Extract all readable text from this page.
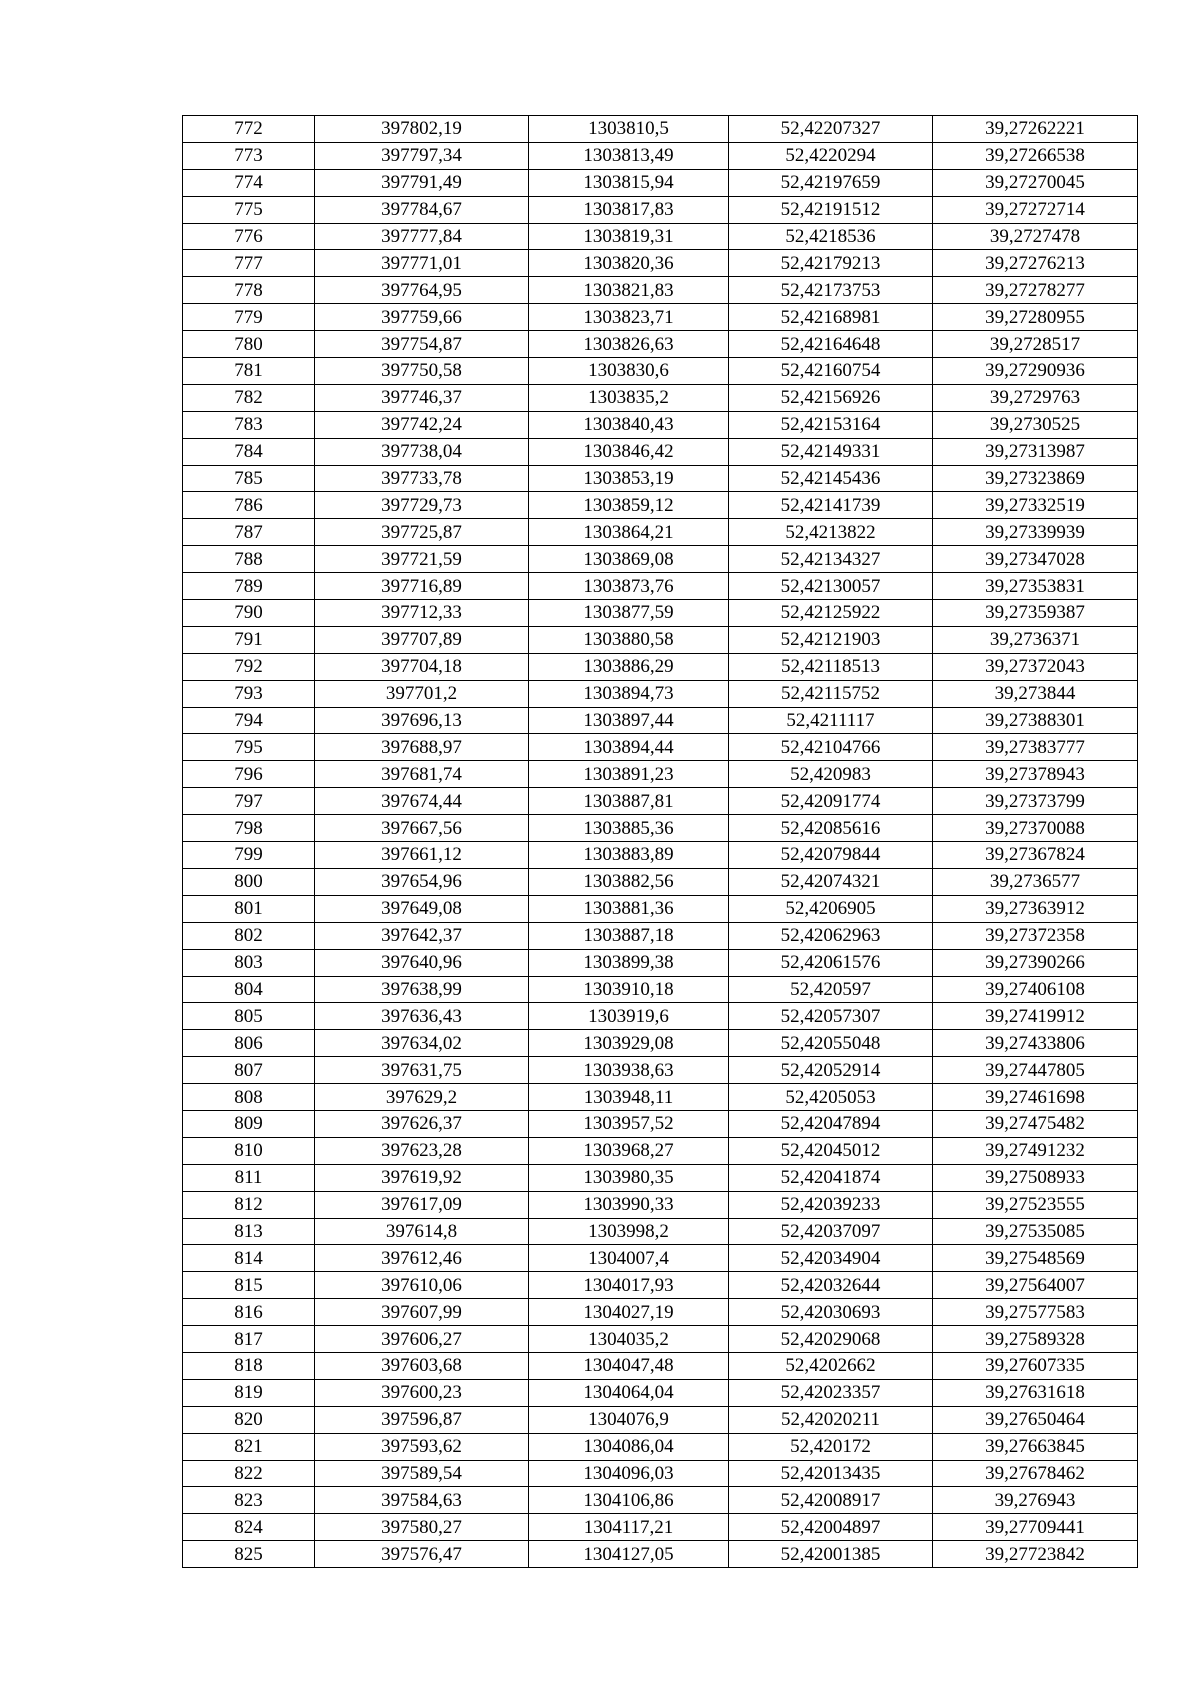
772	397802,19	1303810,5	52,42207327	39,27262221
773	397797,34	1303813,49	52,4220294	39,27266538
774	397791,49	1303815,94	52,42197659	39,27270045
775	397784,67	1303817,83	52,42191512	39,27272714
776	397777,84	1303819,31	52,4218536	39,2727478
777	397771,01	1303820,36	52,42179213	39,27276213
778	397764,95	1303821,83	52,42173753	39,27278277
779	397759,66	1303823,71	52,42168981	39,27280955
780	397754,87	1303826,63	52,42164648	39,2728517
781	397750,58	1303830,6	52,42160754	39,27290936
782	397746,37	1303835,2	52,42156926	39,2729763
783	397742,24	1303840,43	52,42153164	39,2730525
784	397738,04	1303846,42	52,42149331	39,27313987
785	397733,78	1303853,19	52,42145436	39,27323869
786	397729,73	1303859,12	52,42141739	39,27332519
787	397725,87	1303864,21	52,4213822	39,27339939
788	397721,59	1303869,08	52,42134327	39,27347028
789	397716,89	1303873,76	52,42130057	39,27353831
790	397712,33	1303877,59	52,42125922	39,27359387
791	397707,89	1303880,58	52,42121903	39,2736371
792	397704,18	1303886,29	52,42118513	39,27372043
793	397701,2	1303894,73	52,42115752	39,273844
794	397696,13	1303897,44	52,4211117	39,27388301
795	397688,97	1303894,44	52,42104766	39,27383777
796	397681,74	1303891,23	52,420983	39,27378943
797	397674,44	1303887,81	52,42091774	39,27373799
798	397667,56	1303885,36	52,42085616	39,27370088
799	397661,12	1303883,89	52,42079844	39,27367824
800	397654,96	1303882,56	52,42074321	39,2736577
801	397649,08	1303881,36	52,4206905	39,27363912
802	397642,37	1303887,18	52,42062963	39,27372358
803	397640,96	1303899,38	52,42061576	39,27390266
804	397638,99	1303910,18	52,420597	39,27406108
805	397636,43	1303919,6	52,42057307	39,27419912
806	397634,02	1303929,08	52,42055048	39,27433806
807	397631,75	1303938,63	52,42052914	39,27447805
808	397629,2	1303948,11	52,4205053	39,27461698
809	397626,37	1303957,52	52,42047894	39,27475482
810	397623,28	1303968,27	52,42045012	39,27491232
811	397619,92	1303980,35	52,42041874	39,27508933
812	397617,09	1303990,33	52,42039233	39,27523555
813	397614,8	1303998,2	52,42037097	39,27535085
814	397612,46	1304007,4	52,42034904	39,27548569
815	397610,06	1304017,93	52,42032644	39,27564007
816	397607,99	1304027,19	52,42030693	39,27577583
817	397606,27	1304035,2	52,42029068	39,27589328
818	397603,68	1304047,48	52,4202662	39,27607335
819	397600,23	1304064,04	52,42023357	39,27631618
820	397596,87	1304076,9	52,42020211	39,27650464
821	397593,62	1304086,04	52,420172	39,27663845
822	397589,54	1304096,03	52,42013435	39,27678462
823	397584,63	1304106,86	52,42008917	39,276943
824	397580,27	1304117,21	52,42004897	39,27709441
825	397576,47	1304127,05	52,42001385	39,27723842
